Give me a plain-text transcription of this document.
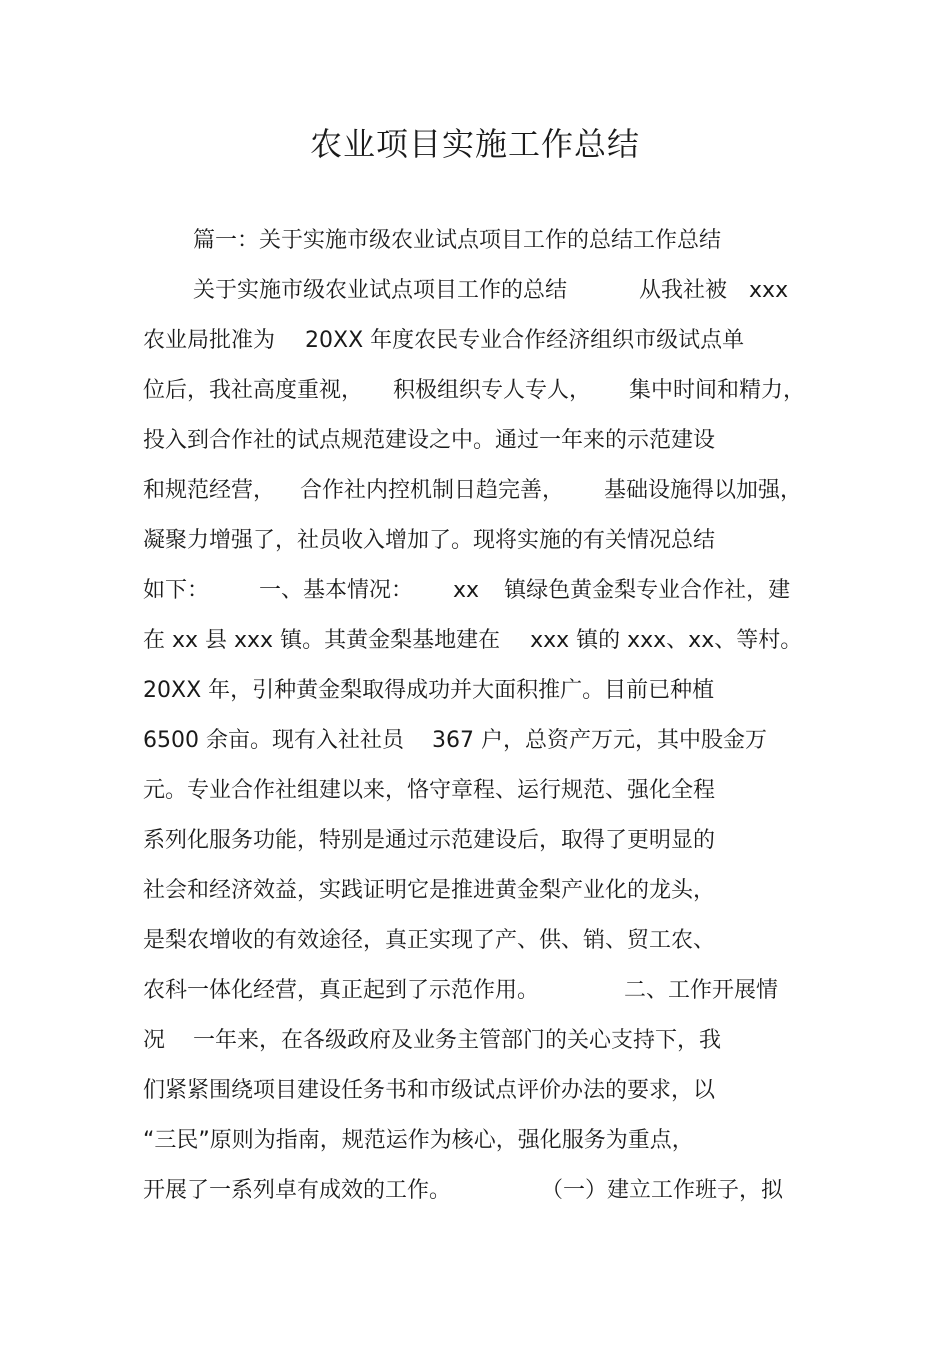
农业项目实施工作总结
篇一：关于实施市级农业试点项目工作的总结工作总结
关于实施市级农业试点项目工作的总结	从我社被 xxx
农业局批准为 20XX 年度农民专业合作经济组织市级试点单
位后，我社高度重视， 积极组织专人专人， 集中时间和精力，
投入到合作社的试点规范建设之中。通过一年来的示范建设
和规范经营， 合作社内控机制日趋完善， 基础设施得以加强，
凝聚力增强了，社员收入增加了。现将实施的有关情况总结
如下： 一、基本情况： xx 镇绿色黄金梨专业合作社，建
在 xx 县 xxx 镇。其黄金梨基地建在 xxx 镇的 xxx、xx、等村。
20XX 年，引种黄金梨取得成功并大面积推广。目前已种植
6500 余亩。现有入社社员 367 户，总资产万元，其中股金万
元。专业合作社组建以来，恪守章程、运行规范、强化全程
系列化服务功能，特别是通过示范建设后，取得了更明显的
社会和经济效益，实践证明它是推进黄金梨产业化的龙头，
是梨农增收的有效途径，真正实现了产、供、销、贸工农、
农科一体化经营，真正起到了示范作用。	二、工作开展情
况 一年来，在各级政府及业务主管部门的关心支持下，我
们紧紧围绕项目建设任务书和市级试点评价办法的要求，以
“三民”原则为指南，规范运作为核心，强化服务为重点，
开展了一系列卓有成效的工作。	（一）建立工作班子，拟
